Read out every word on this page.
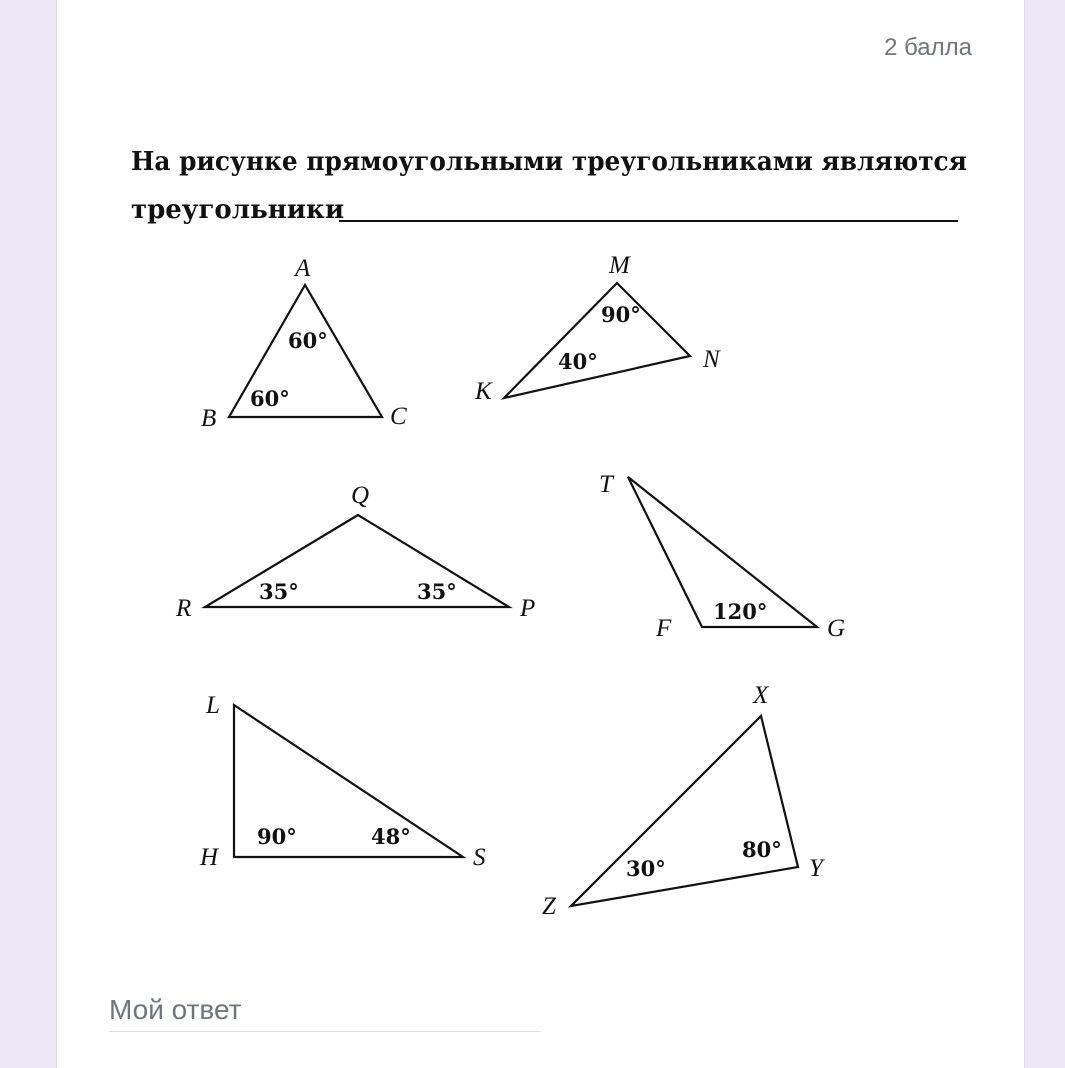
2 балла
На рисунке прямоугольными треугольниками являются
треугольники
A
B	C
60°
60°
M
K
N
90°
40°
Q
R	P
35°	35°
T
F	G
120°
L
H	S
90°	48°
X
Z
Y
30°
80°
Мой ответ
